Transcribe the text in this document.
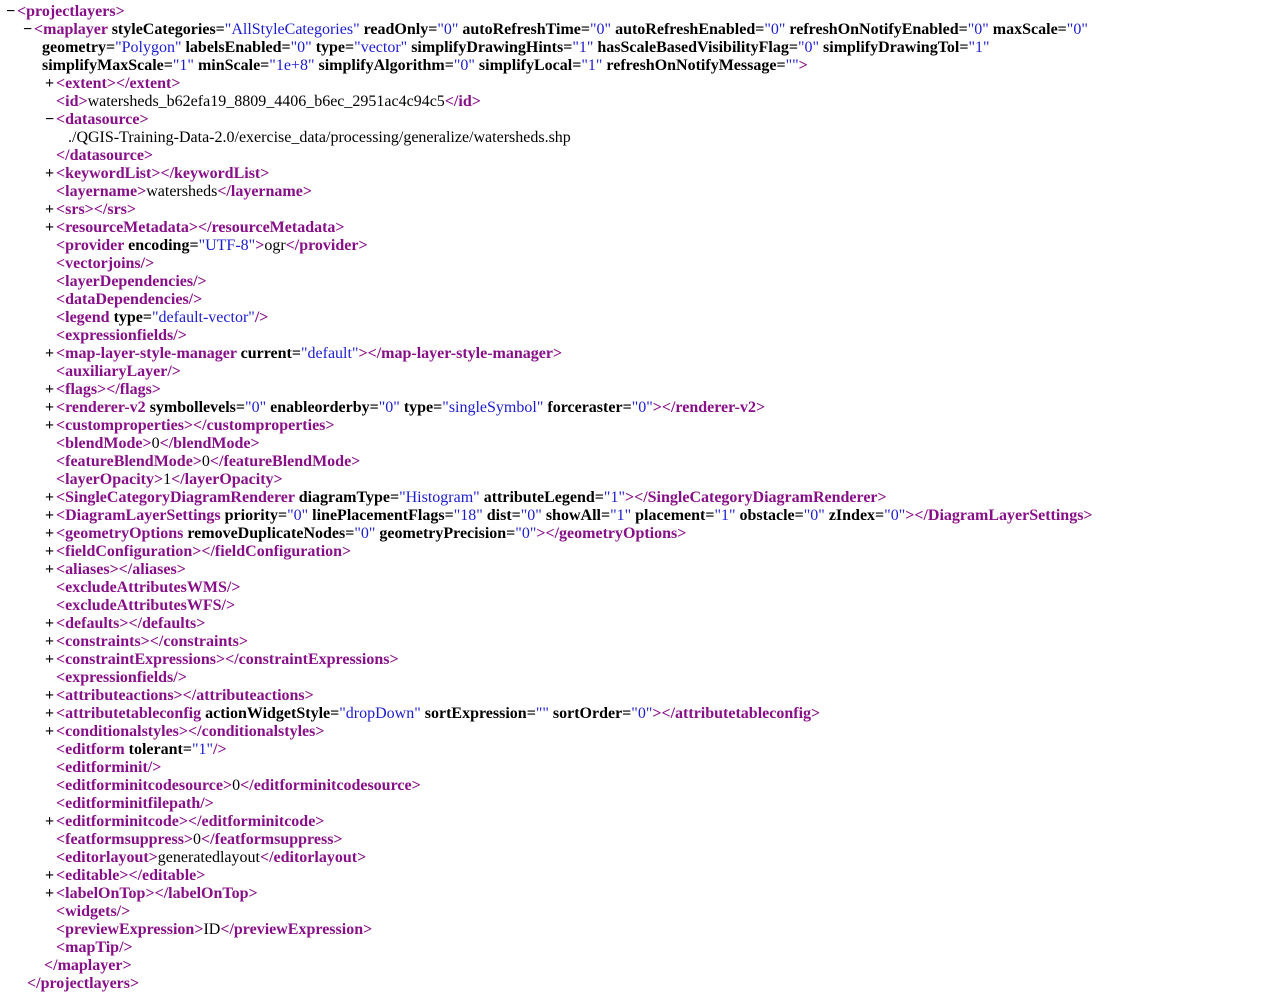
− <projectlayers>
− <maplayer styleCategories="AllStyleCategories" readOnly="0" autoRefreshTime="0" autoRefreshEnabled="0" refreshOnNotifyEnabled="0" maxScale="0"
geometry="Polygon" labelsEnabled="0" type="vector" simplifyDrawingHints="1" hasScaleBasedVisibilityFlag="0" simplifyDrawingTol="1"
simplifyMaxScale="1" minScale="1e+8" simplifyAlgorithm="0" simplifyLocal="1" refreshOnNotifyMessage="">
+ <extent></extent>
<id>watersheds_b62efa19_8809_4406_b6ec_2951ac4c94c5</id>
− <datasource>
./QGIS-Training-Data-2.0/exercise_data/processing/generalize/watersheds.shp
</datasource>
+ <keywordList></keywordList>
<layername>watersheds</layername>
+ <srs></srs>
+ <resourceMetadata></resourceMetadata>
<provider encoding="UTF-8">ogr</provider>
<vectorjoins/>
<layerDependencies/>
<dataDependencies/>
<legend type="default-vector"/>
<expressionfields/>
+ <map-layer-style-manager current="default"></map-layer-style-manager>
<auxiliaryLayer/>
+ <flags></flags>
+ <renderer-v2 symbollevels="0" enableorderby="0" type="singleSymbol" forceraster="0"></renderer-v2>
+ <customproperties></customproperties>
<blendMode>0</blendMode>
<featureBlendMode>0</featureBlendMode>
<layerOpacity>1</layerOpacity>
+ <SingleCategoryDiagramRenderer diagramType="Histogram" attributeLegend="1"></SingleCategoryDiagramRenderer>
+ <DiagramLayerSettings priority="0" linePlacementFlags="18" dist="0" showAll="1" placement="1" obstacle="0" zIndex="0"></DiagramLayerSettings>
+ <geometryOptions removeDuplicateNodes="0" geometryPrecision="0"></geometryOptions>
+ <fieldConfiguration></fieldConfiguration>
+ <aliases></aliases>
<excludeAttributesWMS/>
<excludeAttributesWFS/>
+ <defaults></defaults>
+ <constraints></constraints>
+ <constraintExpressions></constraintExpressions>
<expressionfields/>
+ <attributeactions></attributeactions>
+ <attributetableconfig actionWidgetStyle="dropDown" sortExpression="" sortOrder="0"></attributetableconfig>
+ <conditionalstyles></conditionalstyles>
<editform tolerant="1"/>
<editforminit/>
<editforminitcodesource>0</editforminitcodesource>
<editforminitfilepath/>
+ <editforminitcode></editforminitcode>
<featformsuppress>0</featformsuppress>
<editorlayout>generatedlayout</editorlayout>
+ <editable></editable>
+ <labelOnTop></labelOnTop>
<widgets/>
<previewExpression>ID</previewExpression>
<mapTip/>
</maplayer>
</projectlayers>
